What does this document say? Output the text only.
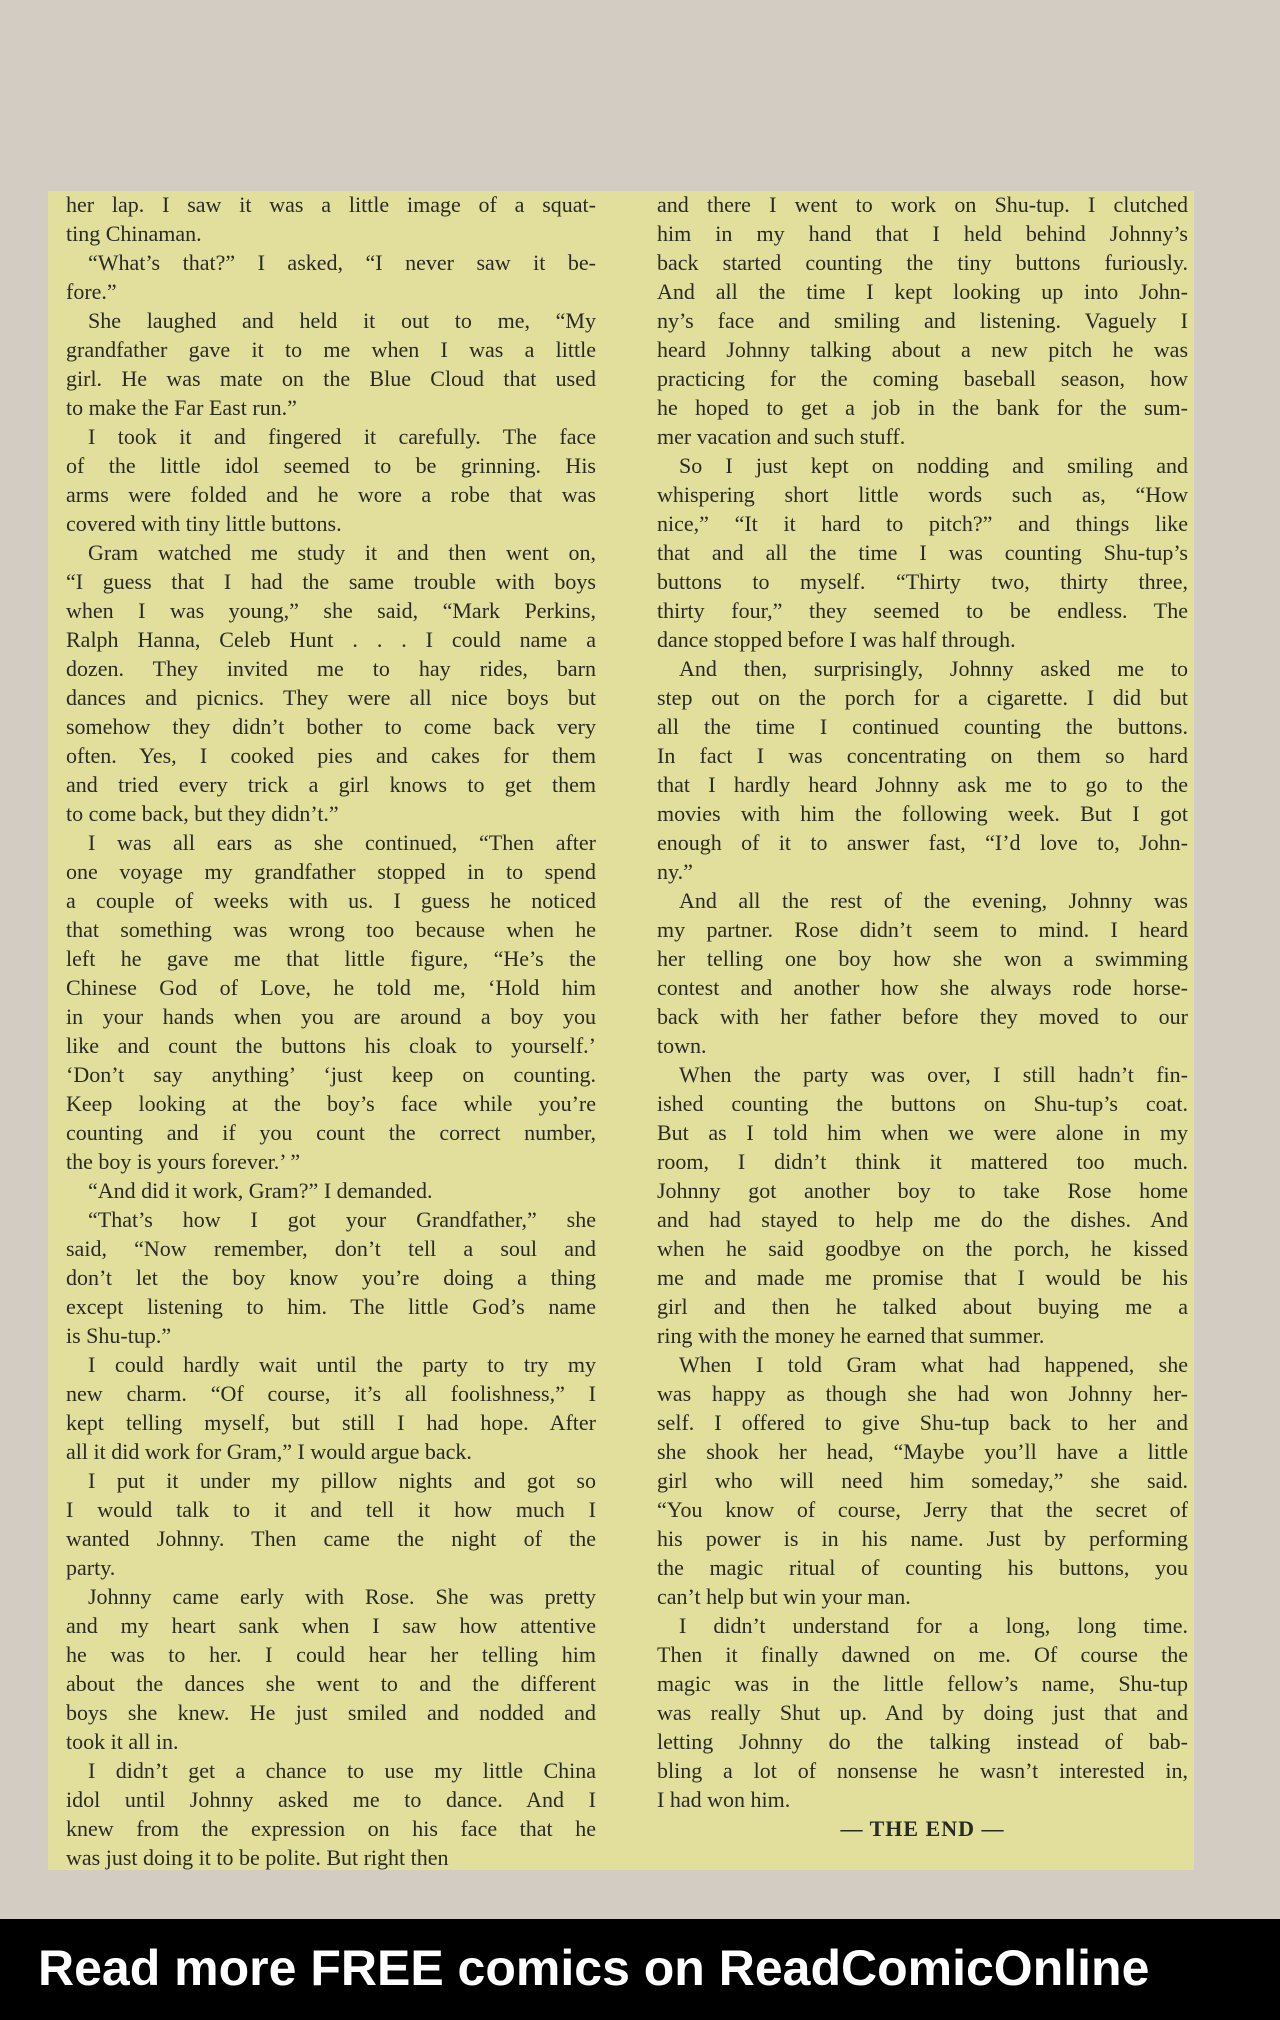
her lap. I saw it was a little image of a squat-
ting Chinaman.
“What’s that?” I asked, “I never saw it be-
fore.”
She laughed and held it out to me, “My
grandfather gave it to me when I was a little
girl. He was mate on the Blue Cloud that used
to make the Far East run.”
I took it and fingered it carefully. The face
of the little idol seemed to be grinning. His
arms were folded and he wore a robe that was
covered with tiny little buttons.
Gram watched me study it and then went on,
“I guess that I had the same trouble with boys
when I was young,” she said, “Mark Perkins,
Ralph Hanna, Celeb Hunt . . . I could name a
dozen. They invited me to hay rides, barn
dances and picnics. They were all nice boys but
somehow they didn’t bother to come back very
often. Yes, I cooked pies and cakes for them
and tried every trick a girl knows to get them
to come back, but they didn’t.”
I was all ears as she continued, “Then after
one voyage my grandfather stopped in to spend
a couple of weeks with us. I guess he noticed
that something was wrong too because when he
left he gave me that little figure, “He’s the
Chinese God of Love, he told me, ‘Hold him
in your hands when you are around a boy you
like and count the buttons his cloak to yourself.’
‘Don’t say anything’ ‘just keep on counting.
Keep looking at the boy’s face while you’re
counting and if you count the correct number,
the boy is yours forever.’ ”
“And did it work, Gram?” I demanded.
“That’s how I got your Grandfather,” she
said, “Now remember, don’t tell a soul and
don’t let the boy know you’re doing a thing
except listening to him. The little God’s name
is Shu-tup.”
I could hardly wait until the party to try my
new charm. “Of course, it’s all foolishness,” I
kept telling myself, but still I had hope. After
all it did work for Gram,” I would argue back.
I put it under my pillow nights and got so
I would talk to it and tell it how much I
wanted Johnny. Then came the night of the
party.
Johnny came early with Rose. She was pretty
and my heart sank when I saw how attentive
he was to her. I could hear her telling him
about the dances she went to and the different
boys she knew. He just smiled and nodded and
took it all in.
I didn’t get a chance to use my little China
idol until Johnny asked me to dance. And I
knew from the expression on his face that he
was just doing it to be polite. But right then
and there I went to work on Shu-tup. I clutched
him in my hand that I held behind Johnny’s
back started counting the tiny buttons furiously.
And all the time I kept looking up into John-
ny’s face and smiling and listening. Vaguely I
heard Johnny talking about a new pitch he was
practicing for the coming baseball season, how
he hoped to get a job in the bank for the sum-
mer vacation and such stuff.
So I just kept on nodding and smiling and
whispering short little words such as, “How
nice,” “It it hard to pitch?” and things like
that and all the time I was counting Shu-tup’s
buttons to myself. “Thirty two, thirty three,
thirty four,” they seemed to be endless. The
dance stopped before I was half through.
And then, surprisingly, Johnny asked me to
step out on the porch for a cigarette. I did but
all the time I continued counting the buttons.
In fact I was concentrating on them so hard
that I hardly heard Johnny ask me to go to the
movies with him the following week. But I got
enough of it to answer fast, “I’d love to, John-
ny.”
And all the rest of the evening, Johnny was
my partner. Rose didn’t seem to mind. I heard
her telling one boy how she won a swimming
contest and another how she always rode horse-
back with her father before they moved to our
town.
When the party was over, I still hadn’t fin-
ished counting the buttons on Shu-tup’s coat.
But as I told him when we were alone in my
room, I didn’t think it mattered too much.
Johnny got another boy to take Rose home
and had stayed to help me do the dishes. And
when he said goodbye on the porch, he kissed
me and made me promise that I would be his
girl and then he talked about buying me a
ring with the money he earned that summer.
When I told Gram what had happened, she
was happy as though she had won Johnny her-
self. I offered to give Shu-tup back to her and
she shook her head, “Maybe you’ll have a little
girl who will need him someday,” she said.
“You know of course, Jerry that the secret of
his power is in his name. Just by performing
the magic ritual of counting his buttons, you
can’t help but win your man.
I didn’t understand for a long, long time.
Then it finally dawned on me. Of course the
magic was in the little fellow’s name, Shu-tup
was really Shut up. And by doing just that and
letting Johnny do the talking instead of bab-
bling a lot of nonsense he wasn’t interested in,
I had won him.
— THE END —
Read more FREE comics on ReadComicOnline
